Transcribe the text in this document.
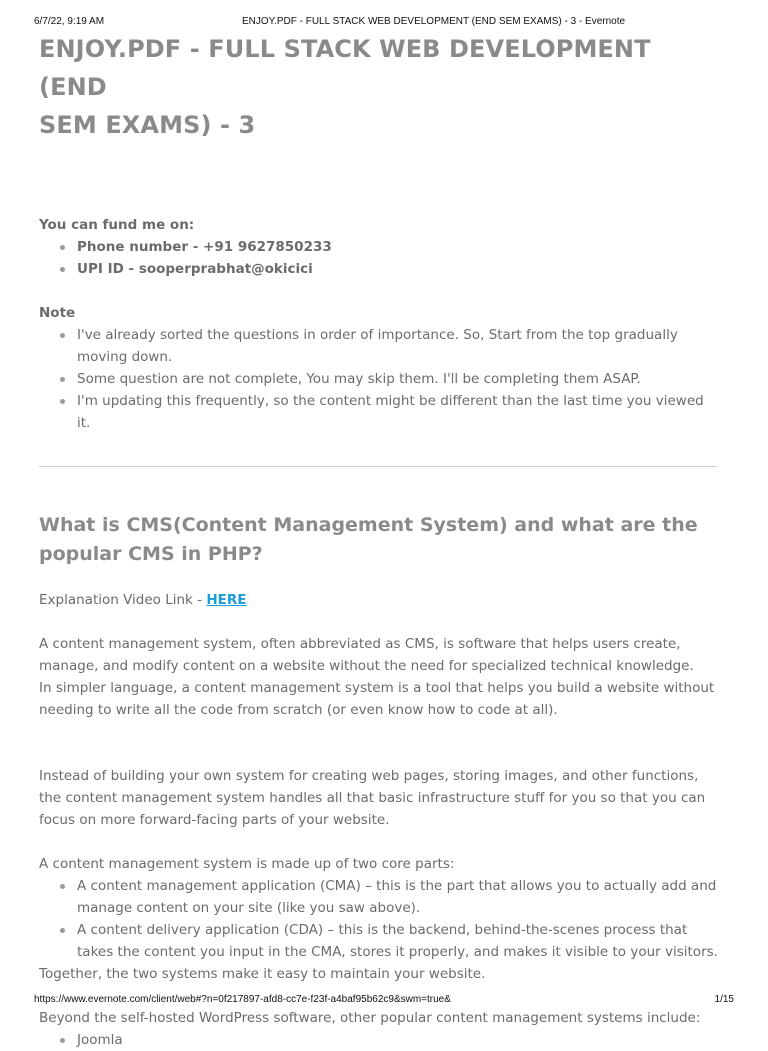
6/7/22, 9:19 AM	ENJOY.PDF - FULL STACK WEB DEVELOPMENT (END SEM EXAMS) - 3 - Evernote
ENJOY.PDF - FULL STACK WEB DEVELOPMENT (END
SEM EXAMS) - 3
You can fund me on:
Phone number - +91 9627850233
UPI ID - sooperprabhat@okicici
Note
I've already sorted the questions in order of importance. So, Start from the top gradually moving down.
Some question are not complete, You may skip them. I'll be completing them ASAP.
I'm updating this frequently, so the content might be different than the last time you viewed it.
What is CMS(Content Management System) and what are the popular CMS in PHP?

Explanation Video Link - HERE

A content management system, often abbreviated as CMS, is software that helps users create, manage, and modify content on a website without the need for specialized technical knowledge.

In simpler language, a content management system is a tool that helps you build a website without needing to write all the code from scratch (or even know how to code at all).

Instead of building your own system for creating web pages, storing images, and other functions, the content management system handles all that basic infrastructure stuff for you so that you can focus on more forward-facing parts of your website.

A content management system is made up of two core parts:

A content management application (CMA) – this is the part that allows you to actually add and manage content on your site (like you saw above).
A content delivery application (CDA) – this is the backend, behind-the-scenes process that takes the content you input in the CMA, stores it properly, and makes it visible to your visitors.

Together, the two systems make it easy to maintain your website.

Beyond the self-hosted WordPress software, other popular content management systems include:

Joomla
https://www.evernote.com/client/web#?n=0f217897-afd8-cc7e-f23f-a4baf95b62c9&swm=true&	1/15
